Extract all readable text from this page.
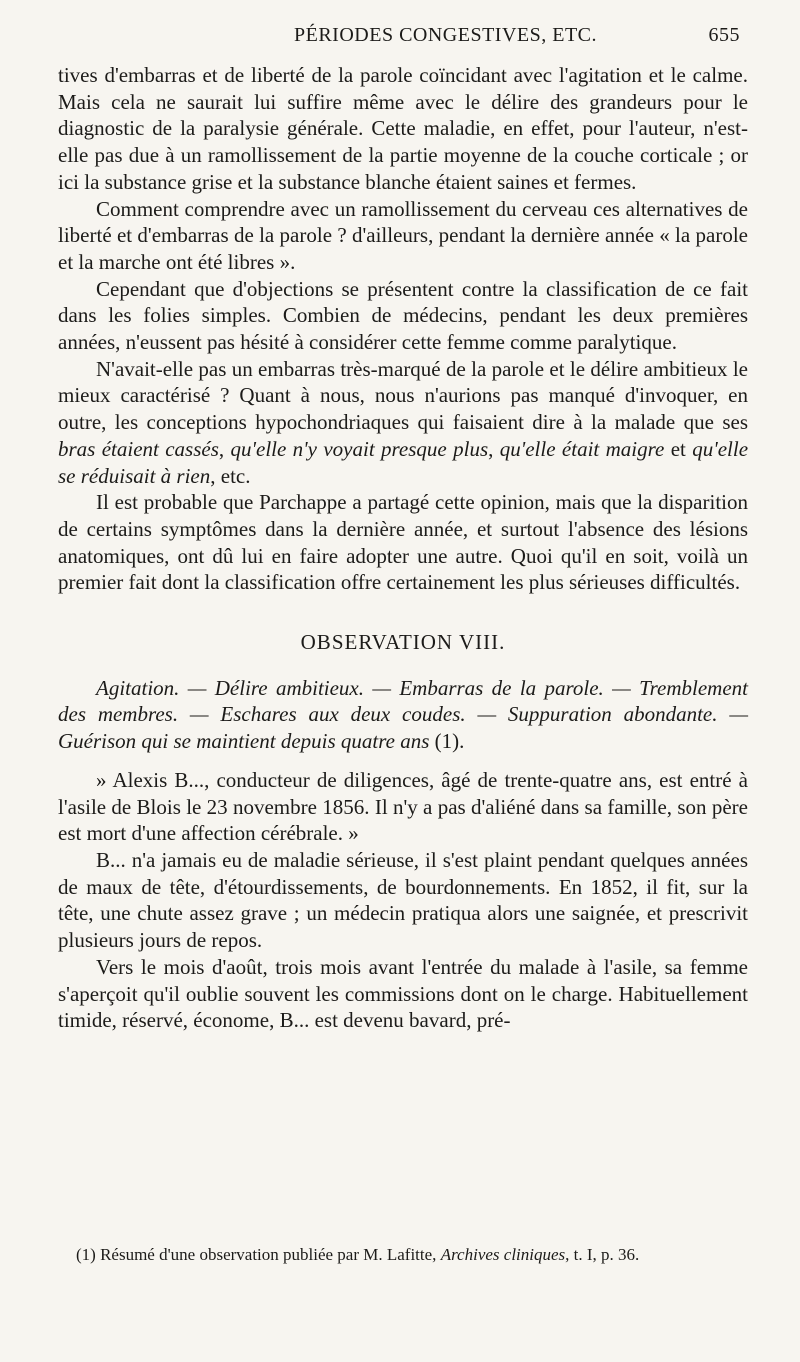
PÉRIODES CONGESTIVES, ETC.	655

tives d'embarras et de liberté de la parole coïncidant avec l'agitation et le calme. Mais cela ne saurait lui suffire même avec le délire des grandeurs pour le diagnostic de la paralysie générale. Cette maladie, en effet, pour l'auteur, n'est-elle pas due à un ramollissement de la partie moyenne de la couche corticale ; or ici la substance grise et la substance blanche étaient saines et fermes.

Comment comprendre avec un ramollissement du cerveau ces alternatives de liberté et d'embarras de la parole ? d'ailleurs, pendant la dernière année « la parole et la marche ont été libres ».

Cependant que d'objections se présentent contre la classification de ce fait dans les folies simples. Combien de médecins, pendant les deux premières années, n'eussent pas hésité à considérer cette femme comme paralytique.

N'avait-elle pas un embarras très-marqué de la parole et le délire ambitieux le mieux caractérisé ? Quant à nous, nous n'aurions pas manqué d'invoquer, en outre, les conceptions hypochondriaques qui faisaient dire à la malade que ses bras étaient cassés, qu'elle n'y voyait presque plus, qu'elle était maigre et qu'elle se réduisait à rien, etc.

Il est probable que Parchappe a partagé cette opinion, mais que la disparition de certains symptômes dans la dernière année, et surtout l'absence des lésions anatomiques, ont dû lui en faire adopter une autre. Quoi qu'il en soit, voilà un premier fait dont la classification offre certainement les plus sérieuses difficultés.

OBSERVATION VIII.

Agitation. — Délire ambitieux. — Embarras de la parole. — Tremblement des membres. — Eschares aux deux coudes. — Suppuration abondante. — Guérison qui se maintient depuis quatre ans (1).

» Alexis B..., conducteur de diligences, âgé de trente-quatre ans, est entré à l'asile de Blois le 23 novembre 1856. Il n'y a pas d'aliéné dans sa famille, son père est mort d'une affection cérébrale. »

B... n'a jamais eu de maladie sérieuse, il s'est plaint pendant quelques années de maux de tête, d'étourdissements, de bourdonnements. En 1852, il fit, sur la tête, une chute assez grave ; un médecin pratiqua alors une saignée, et prescrivit plusieurs jours de repos.

Vers le mois d'août, trois mois avant l'entrée du malade à l'asile, sa femme s'aperçoit qu'il oublie souvent les commissions dont on le charge. Habituellement timide, réservé, économe, B... est devenu bavard, pré-

(1) Résumé d'une observation publiée par M. Lafitte, Archives cliniques, t. I, p. 36.
